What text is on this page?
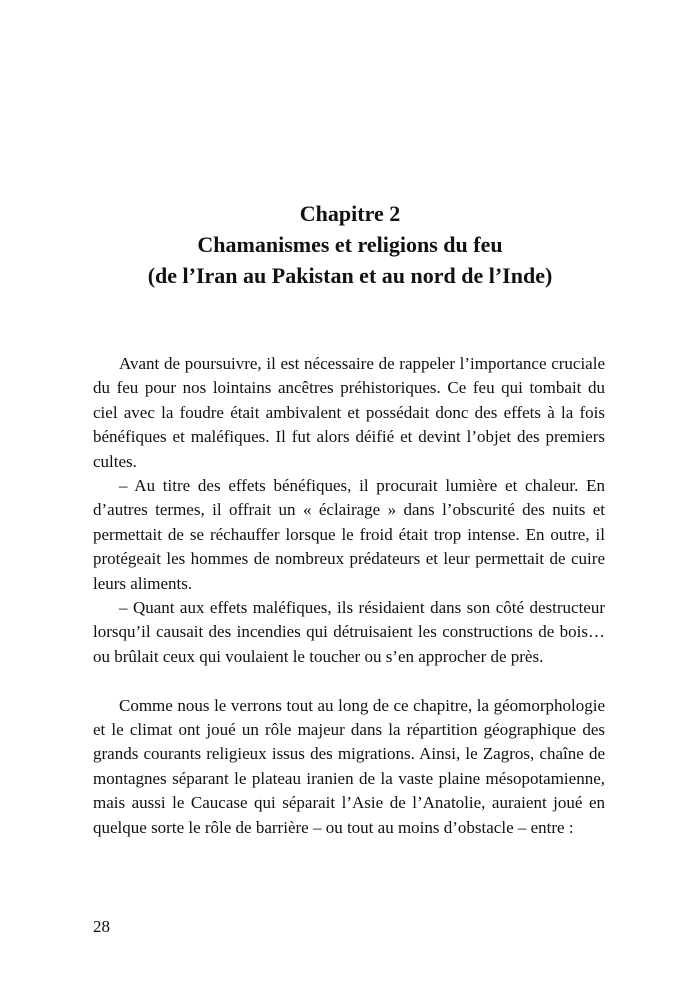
Chapitre 2
Chamanismes et religions du feu
(de l’Iran au Pakistan et au nord de l’Inde)

Avant de poursuivre, il est nécessaire de rappeler l’importance cruciale du feu pour nos lointains ancêtres préhistoriques. Ce feu qui tombait du ciel avec la foudre était ambivalent et possédait donc des effets à la fois bénéfiques et maléfiques. Il fut alors déifié et devint l’objet des premiers cultes.

– Au titre des effets bénéfiques, il procurait lumière et chaleur. En d’autres termes, il offrait un « éclairage » dans l’obscurité des nuits et permettait de se réchauffer lorsque le froid était trop intense. En outre, il protégeait les hommes de nombreux prédateurs et leur permettait de cuire leurs aliments.

– Quant aux effets maléfiques, ils résidaient dans son côté destructeur lorsqu’il causait des incendies qui détruisaient les constructions de bois… ou brûlait ceux qui voulaient le toucher ou s’en approcher de près.

Comme nous le verrons tout au long de ce chapitre, la géomorphologie et le climat ont joué un rôle majeur dans la répartition géographique des grands courants religieux issus des migrations. Ainsi, le Zagros, chaîne de montagnes séparant le plateau iranien de la vaste plaine mésopotamienne, mais aussi le Caucase qui séparait l’Asie de l’Anatolie, auraient joué en quelque sorte le rôle de barrière – ou tout au moins d’obstacle – entre :

28
